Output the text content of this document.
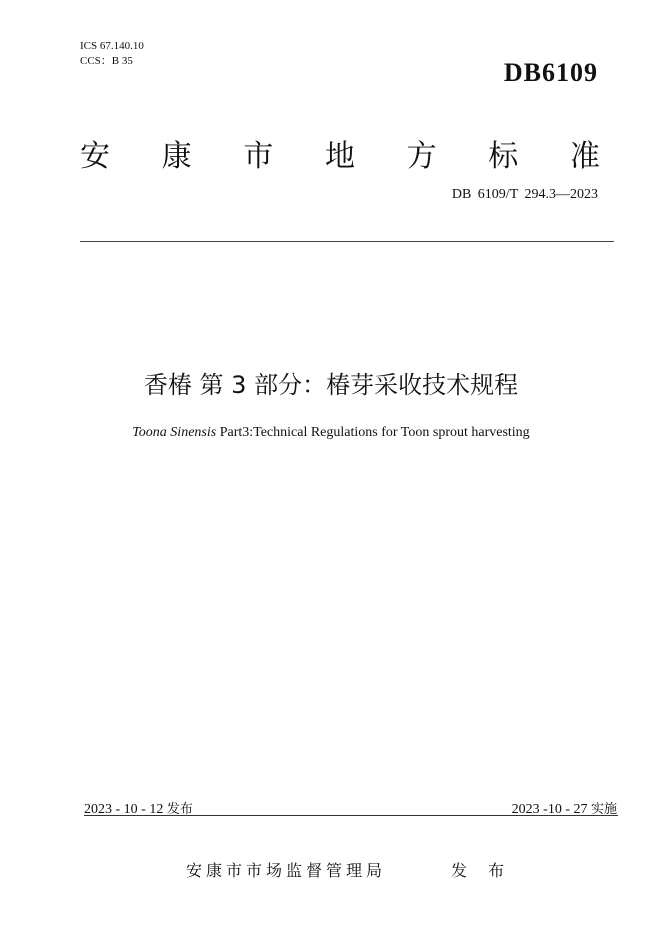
ICS 67.140.10
CCS：B 35	DB6109
安 康 市 地 方 标 准
DB 6109/T 294.3—2023
香椿 第 3 部分：椿芽采收技术规程
Toona Sinensis Part3:Technical Regulations for Toon sprout harvesting
2023 - 10 - 12 发布	2023 -10 - 27 实施
安康市市场监督管理局	发 布
